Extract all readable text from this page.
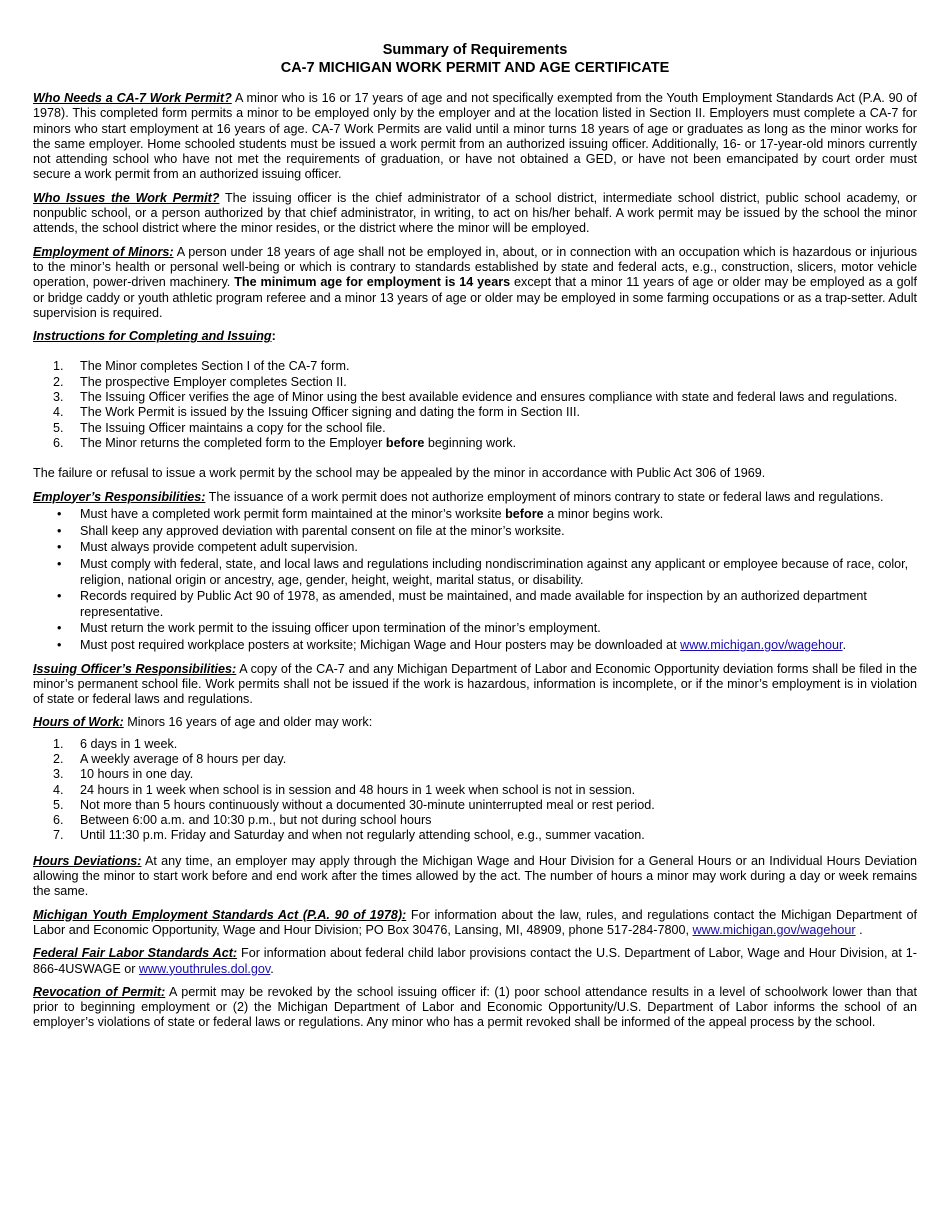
Summary of Requirements
CA-7 MICHIGAN WORK PERMIT AND AGE CERTIFICATE

Who Needs a CA-7 Work Permit? A minor who is 16 or 17 years of age and not specifically exempted from the Youth Employment Standards Act (P.A. 90 of 1978). This completed form permits a minor to be employed only by the employer and at the location listed in Section II. Employers must complete a CA-7 for minors who start employment at 16 years of age. CA-7 Work Permits are valid until a minor turns 18 years of age or graduates as long as the minor works for the same employer. Home schooled students must be issued a work permit from an authorized issuing officer. Additionally, 16- or 17-year-old minors currently not attending school who have not met the requirements of graduation, or have not obtained a GED, or have not been emancipated by court order must secure a work permit from an authorized issuing officer.

Who Issues the Work Permit? The issuing officer is the chief administrator of a school district, intermediate school district, public school academy, or nonpublic school, or a person authorized by that chief administrator, in writing, to act on his/her behalf. A work permit may be issued by the school the minor attends, the school district where the minor resides, or the district where the minor will be employed.

Employment of Minors: A person under 18 years of age shall not be employed in, about, or in connection with an occupation which is hazardous or injurious to the minor’s health or personal well-being or which is contrary to standards established by state and federal acts, e.g., construction, slicers, motor vehicle operation, power-driven machinery. The minimum age for employment is 14 years except that a minor 11 years of age or older may be employed as a golf or bridge caddy or youth athletic program referee and a minor 13 years of age or older may be employed in some farming occupations or as a trap-setter. Adult supervision is required.

Instructions for Completing and Issuing:

1. The Minor completes Section I of the CA-7 form.
2. The prospective Employer completes Section II.
3. The Issuing Officer verifies the age of Minor using the best available evidence and ensures compliance with state and federal laws and regulations.
4. The Work Permit is issued by the Issuing Officer signing and dating the form in Section III.
5. The Issuing Officer maintains a copy for the school file.
6. The Minor returns the completed form to the Employer before beginning work.

The failure or refusal to issue a work permit by the school may be appealed by the minor in accordance with Public Act 306 of 1969.

Employer’s Responsibilities: The issuance of a work permit does not authorize employment of minors contrary to state or federal laws and regulations.

• Must have a completed work permit form maintained at the minor’s worksite before a minor begins work.
• Shall keep any approved deviation with parental consent on file at the minor’s worksite.
• Must always provide competent adult supervision.
• Must comply with federal, state, and local laws and regulations including nondiscrimination against any applicant or employee because of race, color, religion, national origin or ancestry, age, gender, height, weight, marital status, or disability.
• Records required by Public Act 90 of 1978, as amended, must be maintained, and made available for inspection by an authorized department representative.
• Must return the work permit to the issuing officer upon termination of the minor’s employment.
• Must post required workplace posters at worksite; Michigan Wage and Hour posters may be downloaded at www.michigan.gov/wagehour.

Issuing Officer’s Responsibilities: A copy of the CA-7 and any Michigan Department of Labor and Economic Opportunity deviation forms shall be filed in the minor’s permanent school file. Work permits shall not be issued if the work is hazardous, information is incomplete, or if the minor’s employment is in violation of state or federal laws and regulations.

Hours of Work: Minors 16 years of age and older may work:

1. 6 days in 1 week.
2. A weekly average of 8 hours per day.
3. 10 hours in one day.
4. 24 hours in 1 week when school is in session and 48 hours in 1 week when school is not in session.
5. Not more than 5 hours continuously without a documented 30-minute uninterrupted meal or rest period.
6. Between 6:00 a.m. and 10:30 p.m., but not during school hours
7. Until 11:30 p.m. Friday and Saturday and when not regularly attending school, e.g., summer vacation.

Hours Deviations: At any time, an employer may apply through the Michigan Wage and Hour Division for a General Hours or an Individual Hours Deviation allowing the minor to start work before and end work after the times allowed by the act. The number of hours a minor may work during a day or week remains the same.

Michigan Youth Employment Standards Act (P.A. 90 of 1978): For information about the law, rules, and regulations contact the Michigan Department of Labor and Economic Opportunity, Wage and Hour Division; PO Box 30476, Lansing, MI, 48909, phone 517-284-7800, www.michigan.gov/wagehour .

Federal Fair Labor Standards Act: For information about federal child labor provisions contact the U.S. Department of Labor, Wage and Hour Division, at 1-866-4USWAGE or www.youthrules.dol.gov.

Revocation of Permit: A permit may be revoked by the school issuing officer if: (1) poor school attendance results in a level of schoolwork lower than that prior to beginning employment or (2) the Michigan Department of Labor and Economic Opportunity/U.S. Department of Labor informs the school of an employer’s violations of state or federal laws or regulations. Any minor who has a permit revoked shall be informed of the appeal process by the school.
